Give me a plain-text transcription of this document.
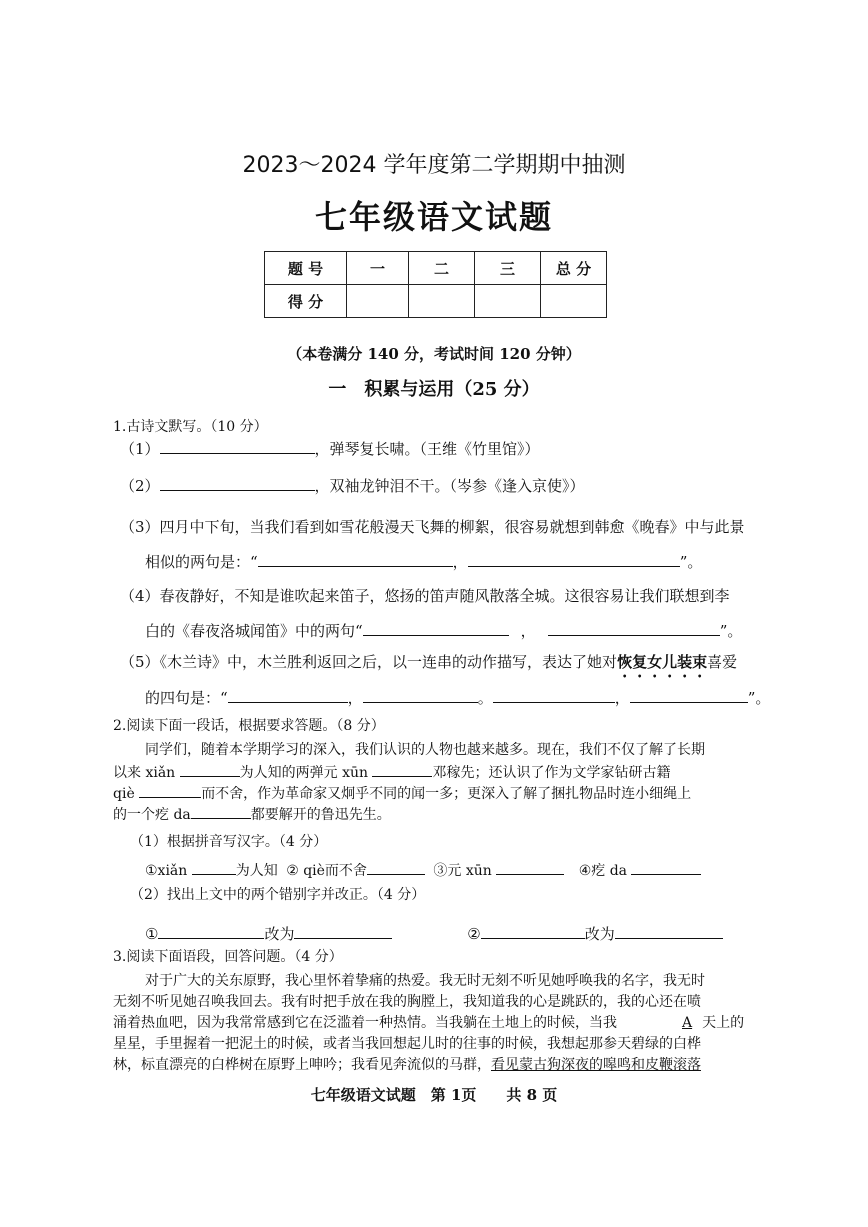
2023～2024 学年度第二学期期中抽测
七年级语文试题
题 号	一	二	三	总 分
得 分				
（本卷满分 140 分，考试时间 120 分钟）
一　积累与运用（25 分）
1.古诗文默写。（10 分）
（1）	，弹琴复长啸。（王维《竹里馆》）
（2）	，双袖龙钟泪不干。（岑参《逢入京使》）
（3）四月中下旬，当我们看到如雪花般漫天飞舞的柳絮，很容易就想到韩愈《晚春》中与此景
相似的两句是：“	，	”。
（4）春夜静好，不知是谁吹起来笛子，悠扬的笛声随风散落全城。这很容易让我们联想到李
白的《春夜洛城闻笛》中的两句“	，	”。
（5）《木兰诗》中，木兰胜利返回之后，以一连串的动作描写，表达了她对恢复女儿装束喜爱
的四句是：“	，	。	，	”。
2.阅读下面一段话，根据要求答题。（8 分）
同学们，随着本学期学习的深入，我们认识的人物也越来越多。现在，我们不仅了解了长期
以来 xiǎn	为人知的两弹元 xūn	邓稼先；还认识了作为文学家钻研古籍
qiè	而不舍，作为革命家又炯乎不同的闻一多；更深入了解了捆扎物品时连小细绳上
的一个疙 da	都要解开的鲁迅先生。
（1）根据拼音写汉字。（4 分）
①xiǎn	为人知 ② qiè而不舍	③元 xūn	④疙 da
（2）找出上文中的两个错别字并改正。（4 分）
①	改为	②	改为
3.阅读下面语段，回答问题。（4 分）
对于广大的关东原野，我心里怀着挚痛的热爱。我无时无刻不听见她呼唤我的名字，我无时
无刻不听见她召唤我回去。我有时把手放在我的胸膛上，我知道我的心是跳跃的，我的心还在喷
涌着热血吧，因为我常常感到它在泛滥着一种热情。当我躺在土地上的时候，当我	A 天上的
星星，手里握着一把泥土的时候，或者当我回想起儿时的往事的时候，我想起那参天碧绿的白桦
林，标直漂亮的白桦树在原野上呻吟；我看见奔流似的马群，看见蒙古狗深夜的嗥鸣和皮鞭滚落
七年级语文试题　第 1页　　共 8 页
